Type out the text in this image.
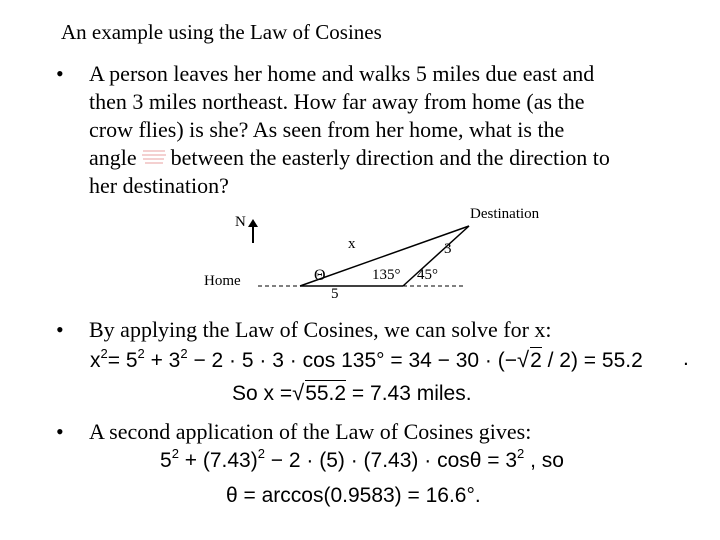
An example using the Law of Cosines
• A person leaves her home and walks 5 miles due east and
then 3 miles northeast. How far away from home (as the
crow flies) is she? As seen from her home, what is the
angle between the easterly direction and the direction to
her destination?
N
Home
Destination
x	3
5
Θ	135° 45°
• By applying the Law of Cosines, we can solve for x:
$x^2= 5^2 + 3^2 - 2 \cdot 5 \cdot 3 \cdot \cos 135^\circ = 34 - 30 \cdot (-√2 / 2) = 55.2$ .
So x =√55.2 = 7.43 miles.
• A second application of the Law of Cosines gives:
$5^2 + (7.43)^2 - 2 \cdot (5) \cdot (7.43) \cdot \cos\theta = 3^2$ , so
θ = arccos(0.9583) = 16.6°.
